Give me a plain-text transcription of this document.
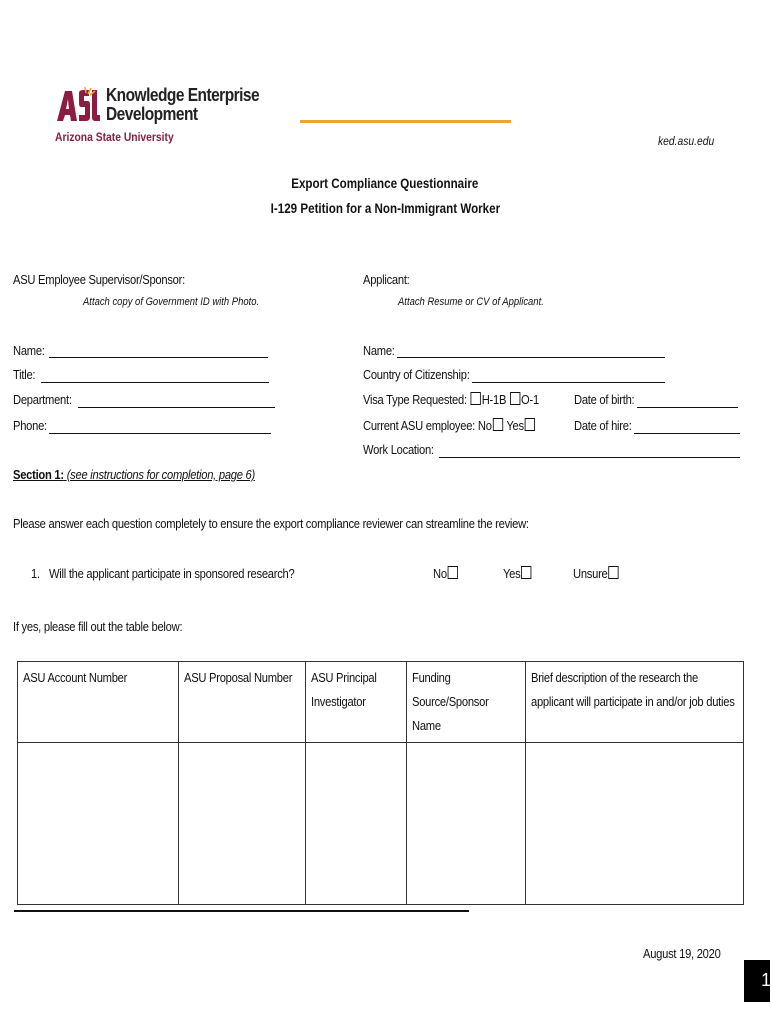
Knowledge Enterprise
Development
Arizona State University	ked.asu.edu
Export Compliance Questionnaire
I-129 Petition for a Non-Immigrant Worker
ASU Employee Supervisor/Sponsor:
Attach copy of Government ID with Photo.
Name:
Title:
Department:
Phone:
Applicant:
Attach Resume or CV of Applicant.
Name:
Country of Citizenship:
Visa Type Requested: H-1B O-1	Date of birth:
Current ASU employee: No Yes	Date of hire:
Work Location:
Section 1: (see instructions for completion, page 6)
Please answer each question completely to ensure the export compliance reviewer can streamline the review:
1. Will the applicant participate in sponsored research?	No	Yes	Unsure
If yes, please fill out the table below:
ASU Account Number	ASU Proposal Number	ASU Principal Investigator	Funding Source/Sponsor Name	Brief description of the research the applicant will participate in and/or job duties

August 19, 2020
1
